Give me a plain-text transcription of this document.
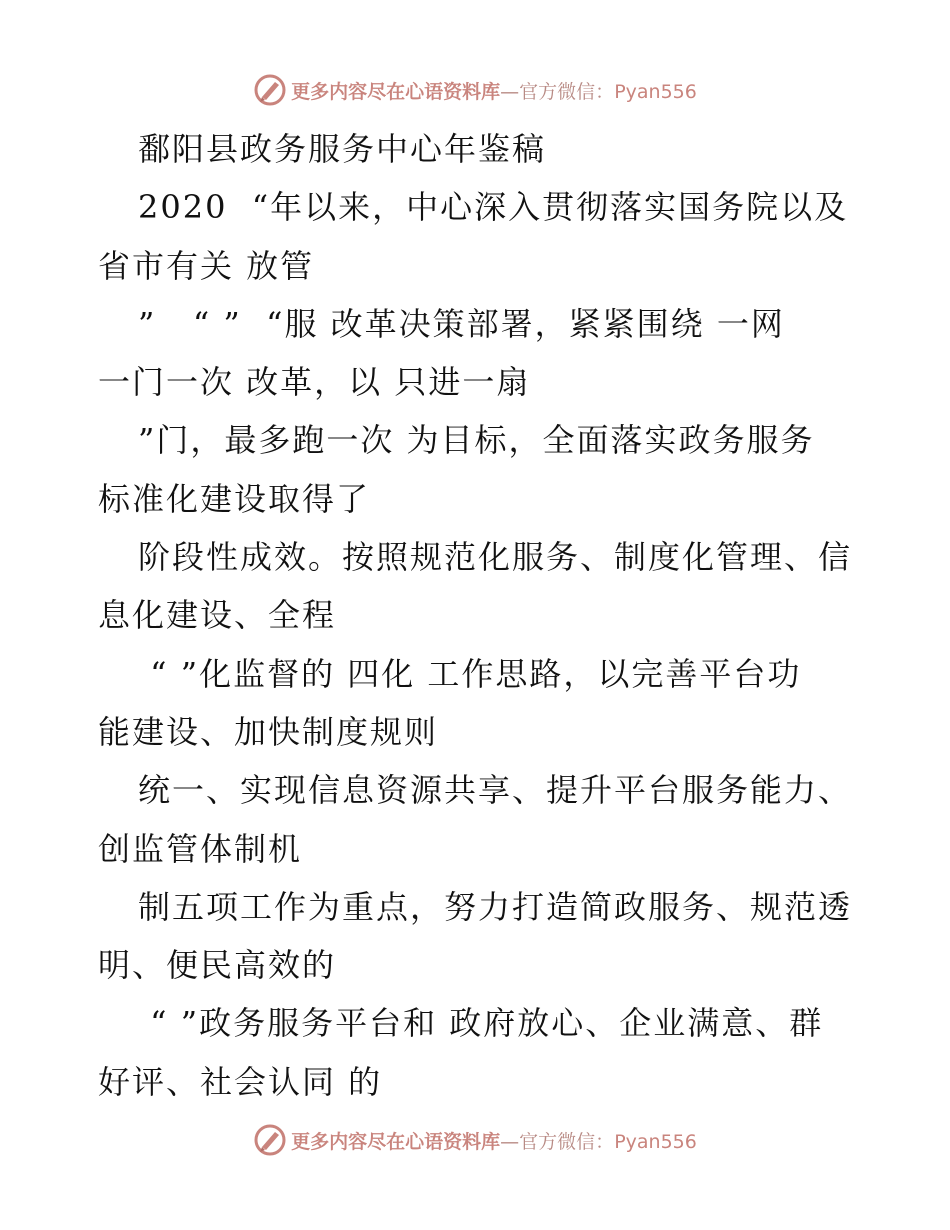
更多内容尽在心语资料库—官方微信：Pyan556
鄱阳县政务服务中心年鉴稿
2020  “年以来，中心深入贯彻落实国务院以及
省市有关 放管
”   “ ”  “服 改革决策部署，紧紧围绕 一网
一门一次 改革，以 只进一扇
”门，最多跑一次 为目标，全面落实政务服务
标准化建设取得了
阶段性成效。按照规范化服务、制度化管理、信
息化建设、全程
“ ”化监督的 四化 工作思路，以完善平台功
能建设、加快制度规则
统一、实现信息资源共享、提升平台服务能力、
创监管体制机
制五项工作为重点，努力打造简政服务、规范透
明、便民高效的
“ ”政务服务平台和 政府放心、企业满意、群
好评、社会认同 的
更多内容尽在心语资料库—官方微信：Pyan556
